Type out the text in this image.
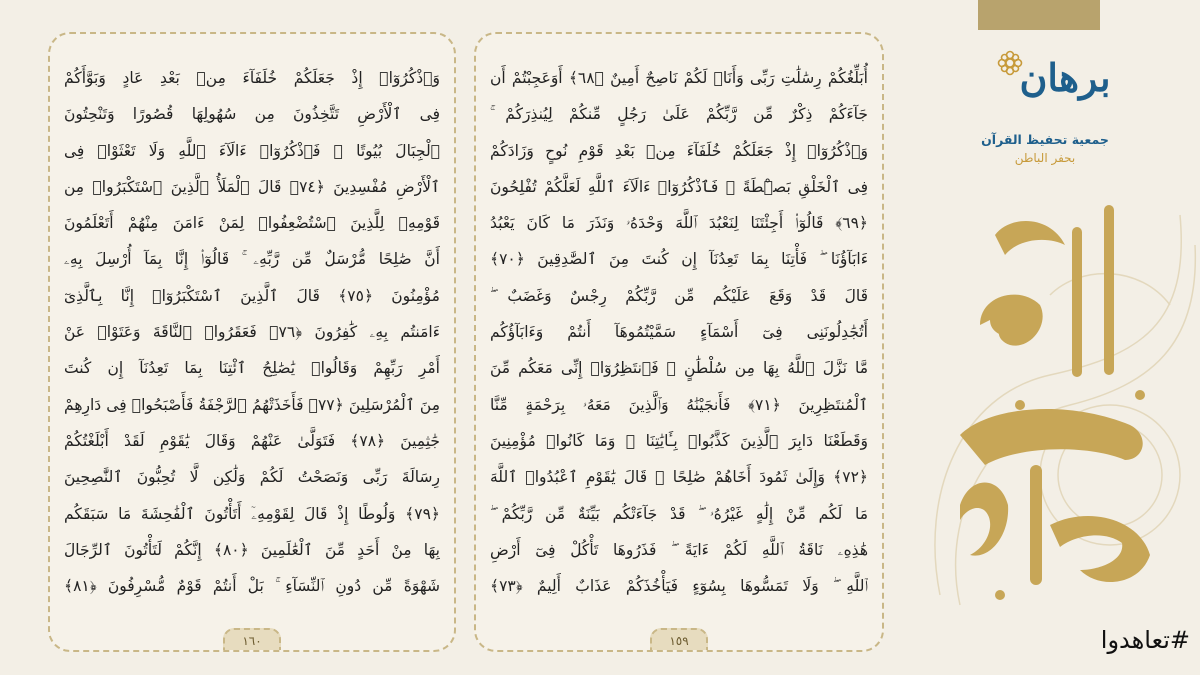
أُبَلِّغُكُمْ رِسَٰلَٰتِ رَبِّى وَأَنَا۠ لَكُمْ نَاصِحٌ أَمِينٌ ﴿٦٨﴾ أَوَعَجِبْتُمْ أَن
جَآءَكُمْ ذِكْرٌ مِّن رَّبِّكُمْ عَلَىٰ رَجُلٍ مِّنكُمْ لِيُنذِرَكُمْ ۚ
وَٱذْكُرُوٓا۟ إِذْ جَعَلَكُمْ خُلَفَآءَ مِنۢ بَعْدِ قَوْمِ نُوحٍ وَزَادَكُمْ
فِى ٱلْخَلْقِ بَصْۜطَةً ۖ فَٱذْكُرُوٓا۟ ءَالَآءَ ٱللَّهِ لَعَلَّكُمْ تُفْلِحُونَ
﴿٦٩﴾ قَالُوٓا۟ أَجِئْتَنَا لِنَعْبُدَ ٱللَّهَ وَحْدَهُۥ وَنَذَرَ مَا كَانَ يَعْبُدُ
ءَابَآؤُنَا ۖ فَأْتِنَا بِمَا تَعِدُنَآ إِن كُنتَ مِنَ ٱلصَّٰدِقِينَ ﴿٧٠﴾
قَالَ قَدْ وَقَعَ عَلَيْكُم مِّن رَّبِّكُمْ رِجْسٌ وَغَضَبٌ ۖ
أَتُجَٰدِلُونَنِى فِىٓ أَسْمَآءٍ سَمَّيْتُمُوهَآ أَنتُمْ وَءَابَآؤُكُم
مَّا نَزَّلَ ٱللَّهُ بِهَا مِن سُلْطَٰنٍ ۚ فَٱنتَظِرُوٓا۟ إِنِّى مَعَكُم مِّنَ
ٱلْمُنتَظِرِينَ ﴿٧١﴾ فَأَنجَيْنَٰهُ وَٱلَّذِينَ مَعَهُۥ بِرَحْمَةٍ مِّنَّا
وَقَطَعْنَا دَابِرَ ٱلَّذِينَ كَذَّبُوا۟ بِـَٔايَٰتِنَا ۖ وَمَا كَانُوا۟ مُؤْمِنِينَ
﴿٧٢﴾ وَإِلَىٰ ثَمُودَ أَخَاهُمْ صَٰلِحًا ۗ قَالَ يَٰقَوْمِ ٱعْبُدُوا۟ ٱللَّهَ
مَا لَكُم مِّنْ إِلَٰهٍ غَيْرُهُۥ ۖ قَدْ جَآءَتْكُم بَيِّنَةٌ مِّن رَّبِّكُمْ ۖ
هَٰذِهِۦ نَاقَةُ ٱللَّهِ لَكُمْ ءَايَةً ۖ فَذَرُوهَا تَأْكُلْ فِىٓ أَرْضِ
ٱللَّهِ ۖ وَلَا تَمَسُّوهَا بِسُوٓءٍ فَيَأْخُذَكُمْ عَذَابٌ أَلِيمٌ ﴿٧٣﴾
١٥٩
وَٱذْكُرُوٓا۟ إِذْ جَعَلَكُمْ خُلَفَآءَ مِنۢ بَعْدِ عَادٍ وَبَوَّأَكُمْ
فِى ٱلْأَرْضِ تَتَّخِذُونَ مِن سُهُولِهَا قُصُورًا وَتَنْحِتُونَ
ٱلْجِبَالَ بُيُوتًا ۖ فَٱذْكُرُوٓا۟ ءَالَآءَ ٱللَّهِ وَلَا تَعْثَوْا۟ فِى
ٱلْأَرْضِ مُفْسِدِينَ ﴿٧٤﴾ قَالَ ٱلْمَلَأُ ٱلَّذِينَ ٱسْتَكْبَرُوا۟ مِن
قَوْمِهِۦ لِلَّذِينَ ٱسْتُضْعِفُوا۟ لِمَنْ ءَامَنَ مِنْهُمْ أَتَعْلَمُونَ
أَنَّ صَٰلِحًا مُّرْسَلٌ مِّن رَّبِّهِۦ ۚ قَالُوٓا۟ إِنَّا بِمَآ أُرْسِلَ بِهِۦ
مُؤْمِنُونَ ﴿٧٥﴾ قَالَ ٱلَّذِينَ ٱسْتَكْبَرُوٓا۟ إِنَّا بِٱلَّذِىٓ
ءَامَنتُم بِهِۦ كَٰفِرُونَ ﴿٧٦﴾ فَعَقَرُوا۟ ٱلنَّاقَةَ وَعَتَوْا۟ عَنْ
أَمْرِ رَبِّهِمْ وَقَالُوا۟ يَٰصَٰلِحُ ٱئْتِنَا بِمَا تَعِدُنَآ إِن كُنتَ
مِنَ ٱلْمُرْسَلِينَ ﴿٧٧﴾ فَأَخَذَتْهُمُ ٱلرَّجْفَةُ فَأَصْبَحُوا۟ فِى دَارِهِمْ
جَٰثِمِينَ ﴿٧٨﴾ فَتَوَلَّىٰ عَنْهُمْ وَقَالَ يَٰقَوْمِ لَقَدْ أَبْلَغْتُكُمْ
رِسَالَةَ رَبِّى وَنَصَحْتُ لَكُمْ وَلَٰكِن لَّا تُحِبُّونَ ٱلنَّٰصِحِينَ
﴿٧٩﴾ وَلُوطًا إِذْ قَالَ لِقَوْمِهِۦٓ أَتَأْتُونَ ٱلْفَٰحِشَةَ مَا سَبَقَكُم
بِهَا مِنْ أَحَدٍ مِّنَ ٱلْعَٰلَمِينَ ﴿٨٠﴾ إِنَّكُمْ لَتَأْتُونَ ٱلرِّجَالَ
شَهْوَةً مِّن دُونِ ٱلنِّسَآءِ ۚ بَلْ أَنتُمْ قَوْمٌ مُّسْرِفُونَ ﴿٨١﴾
١٦٠
برهان
جمعية تحفيظ القرآن
بحفر الباطن
#تعاهدوا
